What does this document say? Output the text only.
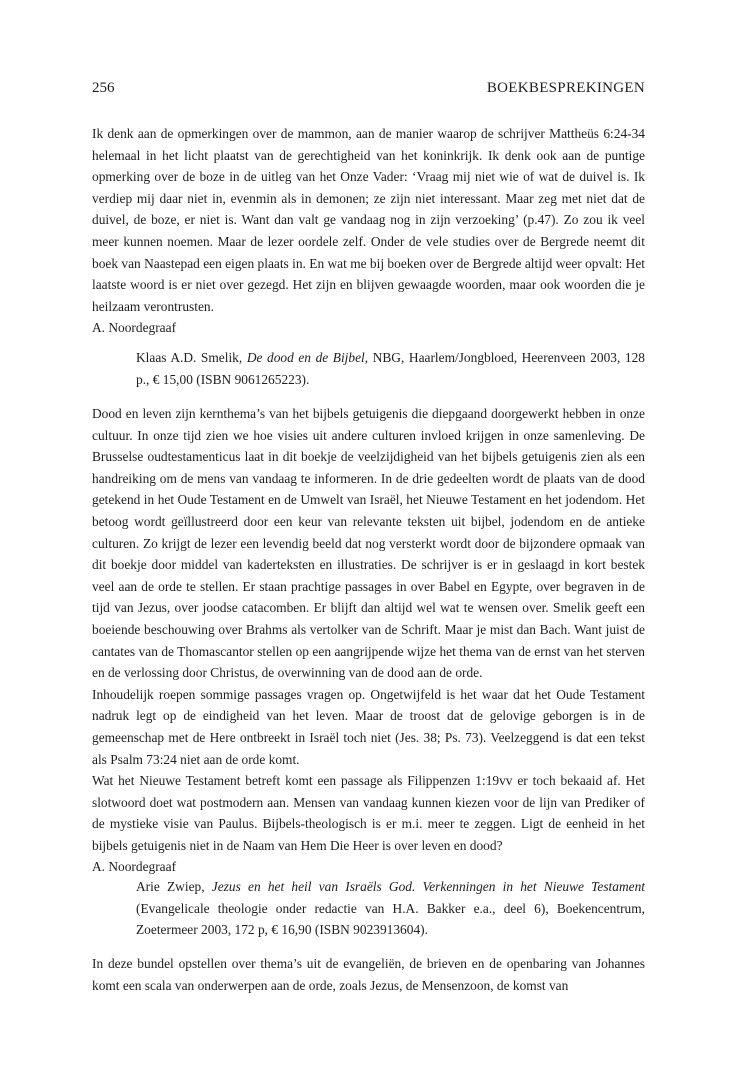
256	BOEKBESPREKINGEN

Ik denk aan de opmerkingen over de mammon, aan de manier waarop de schrijver Mattheüs 6:24-34 helemaal in het licht plaatst van de gerechtigheid van het koninkrijk. Ik denk ook aan de puntige opmerking over de boze in de uitleg van het Onze Vader: ‘Vraag mij niet wie of wat de duivel is. Ik verdiep mij daar niet in, evenmin als in demonen; ze zijn niet interessant. Maar zeg met niet dat de duivel, de boze, er niet is. Want dan valt ge vandaag nog in zijn verzoeking’ (p.47). Zo zou ik veel meer kunnen noemen. Maar de lezer oordele zelf. Onder de vele studies over de Bergrede neemt dit boek van Naastepad een eigen plaats in. En wat me bij boeken over de Bergrede altijd weer opvalt: Het laatste woord is er niet over gezegd. Het zijn en blijven gewaagde woorden, maar ook woorden die je heilzaam verontrusten.

A. Noordegraaf

Klaas A.D. Smelik, De dood en de Bijbel, NBG, Haarlem/Jongbloed, Heerenveen 2003, 128 p., € 15,00 (ISBN 9061265223).

Dood en leven zijn kernthema’s van het bijbels getuigenis die diepgaand doorgewerkt hebben in onze cultuur. In onze tijd zien we hoe visies uit andere culturen invloed krijgen in onze samenleving. De Brusselse oudtestamenticus laat in dit boekje de veelzijdigheid van het bijbels getuigenis zien als een handreiking om de mens van vandaag te informeren. In de drie gedeelten wordt de plaats van de dood getekend in het Oude Testament en de Umwelt van Israël, het Nieuwe Testament en het jodendom. Het betoog wordt geïllustreerd door een keur van relevante teksten uit bijbel, jodendom en de antieke culturen. Zo krijgt de lezer een levendig beeld dat nog versterkt wordt door de bijzondere opmaak van dit boekje door middel van kaderteksten en illustraties. De schrijver is er in geslaagd in kort bestek veel aan de orde te stellen. Er staan prachtige passages in over Babel en Egypte, over begraven in de tijd van Jezus, over joodse catacomben. Er blijft dan altijd wel wat te wensen over. Smelik geeft een boeiende beschouwing over Brahms als vertolker van de Schrift. Maar je mist dan Bach. Want juist de cantates van de Thomascantor stellen op een aangrijpende wijze het thema van de ernst van het sterven en de verlossing door Christus, de overwinning van de dood aan de orde.

Inhoudelijk roepen sommige passages vragen op. Ongetwijfeld is het waar dat het Oude Testament nadruk legt op de eindigheid van het leven. Maar de troost dat de gelovige geborgen is in de gemeenschap met de Here ontbreekt in Israël toch niet (Jes. 38; Ps. 73). Veelzeggend is dat een tekst als Psalm 73:24 niet aan de orde komt.

Wat het Nieuwe Testament betreft komt een passage als Filippenzen 1:19vv er toch bekaaid af. Het slotwoord doet wat postmodern aan. Mensen van vandaag kunnen kiezen voor de lijn van Prediker of de mystieke visie van Paulus. Bijbels-theologisch is er m.i. meer te zeggen. Ligt de eenheid in het bijbels getuigenis niet in de Naam van Hem Die Heer is over leven en dood?

A. Noordegraaf

Arie Zwiep, Jezus en het heil van Israëls God. Verkenningen in het Nieuwe Testament (Evangelicale theologie onder redactie van H.A. Bakker e.a., deel 6), Boekencentrum, Zoetermeer 2003, 172 p, € 16,90 (ISBN 9023913604).

In deze bundel opstellen over thema’s uit de evangeliën, de brieven en de openbaring van Johannes komt een scala van onderwerpen aan de orde, zoals Jezus, de Mensenzoon, de komst van
